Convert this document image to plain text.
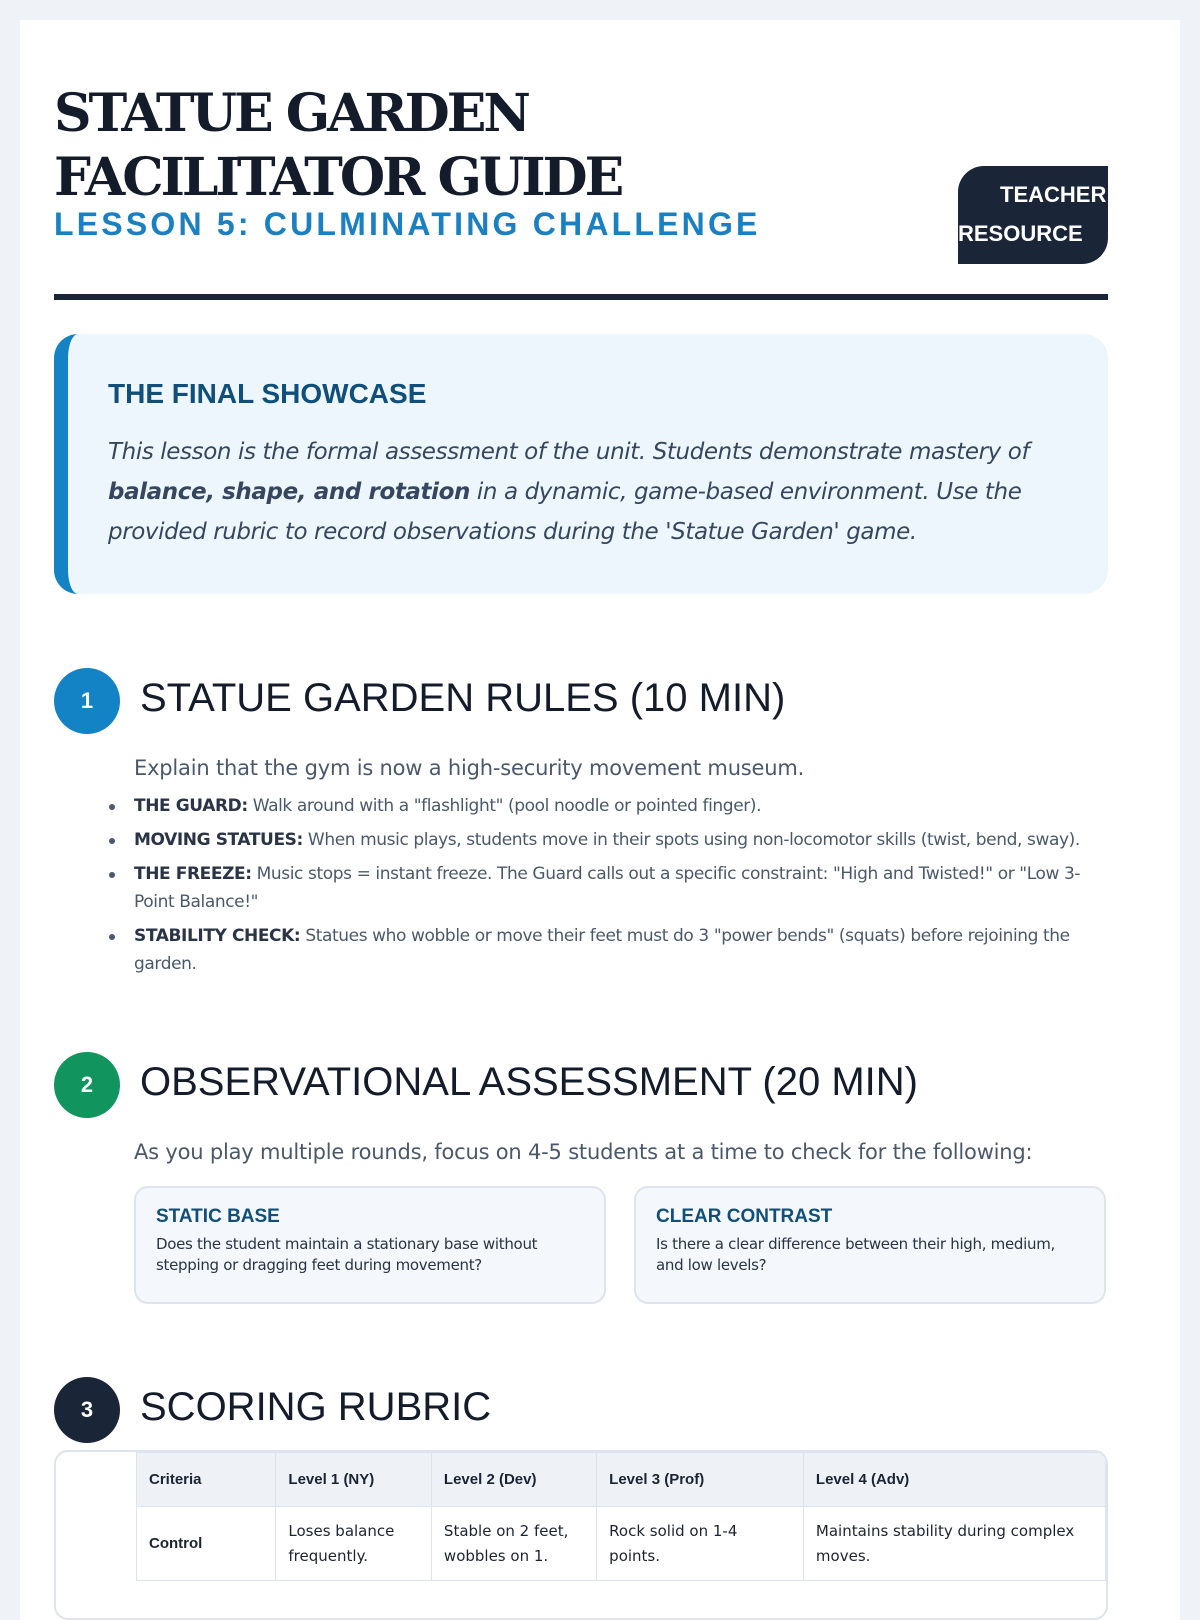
STATUE GARDEN FACILITATOR GUIDE
LESSON 5: CULMINATING CHALLENGE
TEACHER
RESOURCE
THE FINAL SHOWCASE

This lesson is the formal assessment of the unit. Students demonstrate mastery of balance, shape, and rotation in a dynamic, game-based environment. Use the provided rubric to record observations during the 'Statue Garden' game.

1	STATUE GARDEN RULES (10 MIN)
Explain that the gym is now a high-security movement museum.
THE GUARD: Walk around with a "flashlight" (pool noodle or pointed finger).
MOVING STATUES: When music plays, students move in their spots using non-locomotor skills (twist, bend, sway).
THE FREEZE: Music stops = instant freeze. The Guard calls out a specific constraint: "High and Twisted!" or "Low 3-Point Balance!"
STABILITY CHECK: Statues who wobble or move their feet must do 3 "power bends" (squats) before rejoining the garden.
2	OBSERVATIONAL ASSESSMENT (20 MIN)
As you play multiple rounds, focus on 4-5 students at a time to check for the following:
STATIC BASE

Does the student maintain a stationary base without stepping or dragging feet during movement?

CLEAR CONTRAST

Is there a clear difference between their high, medium, and low levels?

3	SCORING RUBRIC
Criteria	Level 1 (NY)	Level 2 (Dev)	Level 3 (Prof)	Level 4 (Adv)
Control	Loses balance frequently.	Stable on 2 feet, wobbles on 1.	Rock solid on 1-4 points.	Maintains stability during complex moves.
